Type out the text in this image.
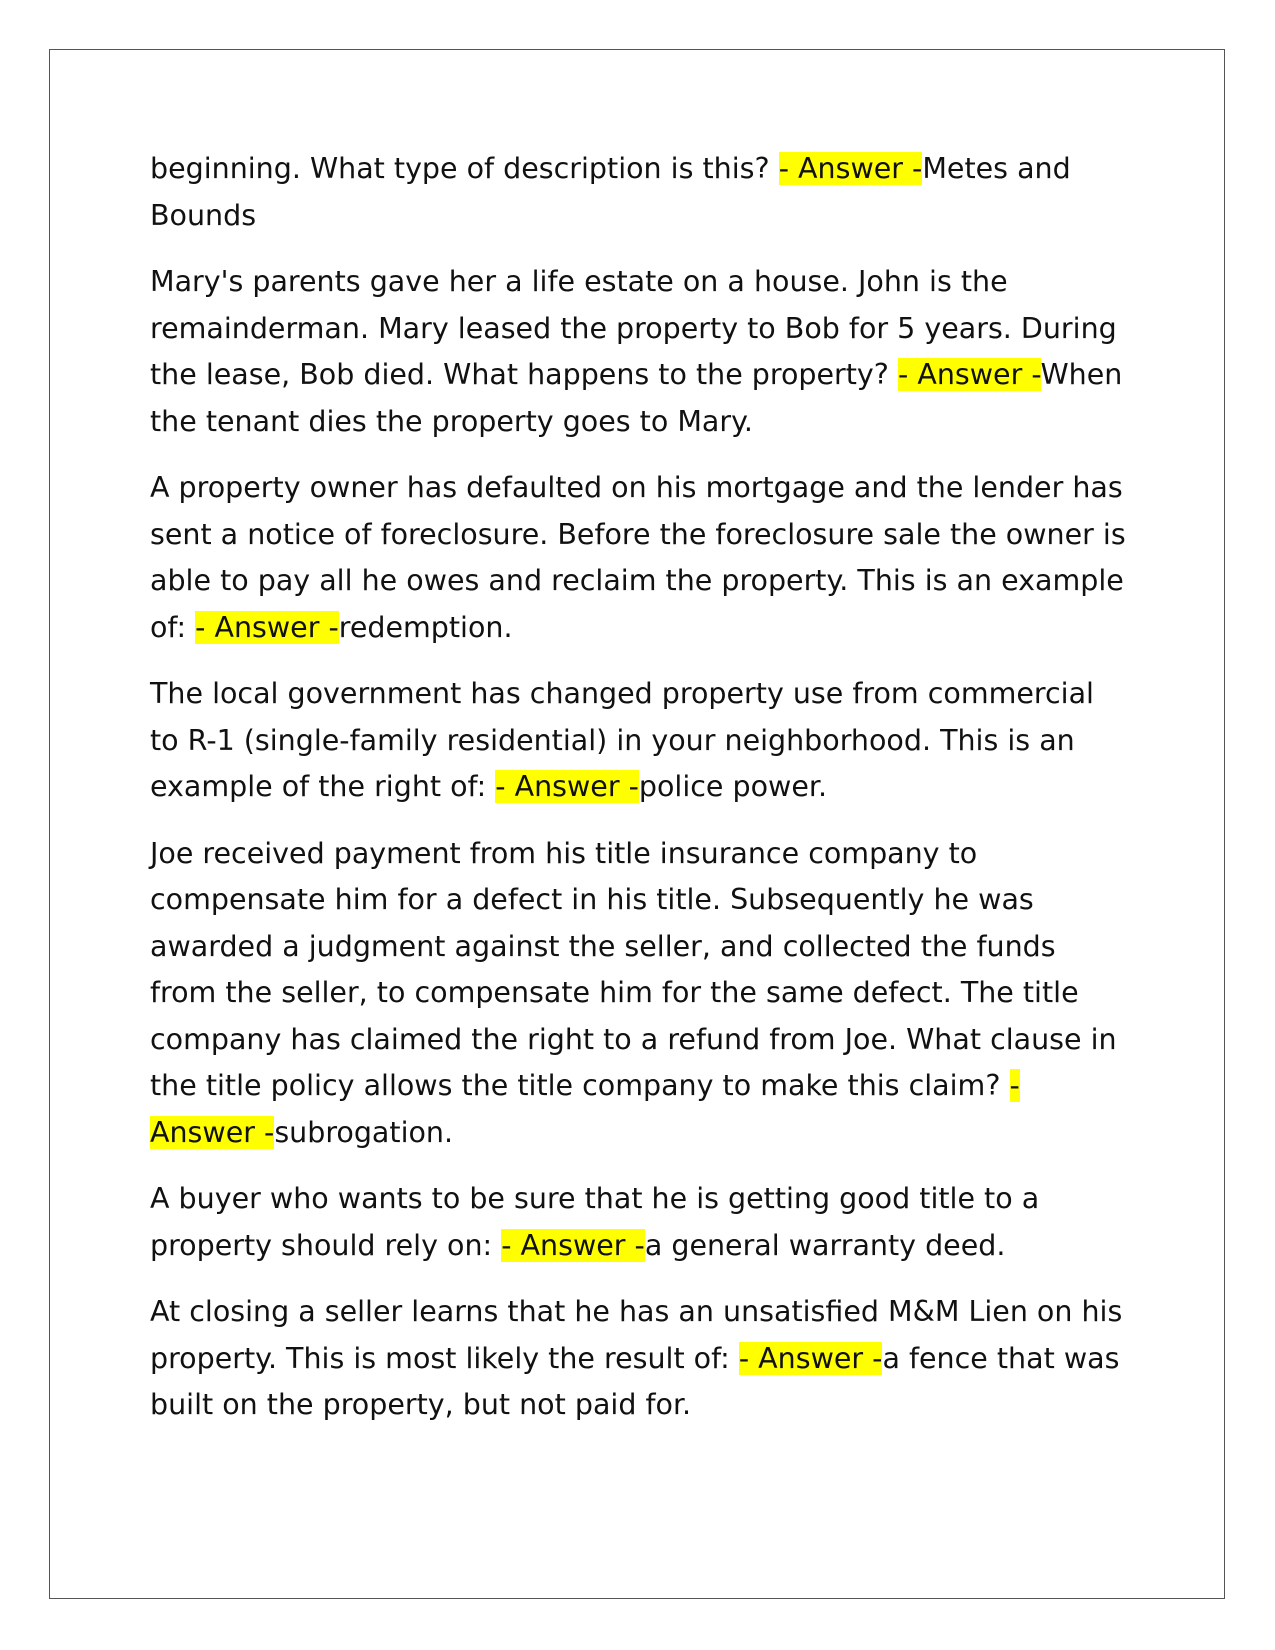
beginning. What type of description is this? - Answer -Metes and Bounds

Mary's parents gave her a life estate on a house. John is the remainderman. Mary leased the property to Bob for 5 years. During the lease, Bob died. What happens to the property? - Answer -When the tenant dies the property goes to Mary.

A property owner has defaulted on his mortgage and the lender has sent a notice of foreclosure. Before the foreclosure sale the owner is able to pay all he owes and reclaim the property. This is an example of: - Answer -redemption.

The local government has changed property use from commercial to R-1 (single-family residential) in your neighborhood. This is an example of the right of: - Answer -police power.

Joe received payment from his title insurance company to compensate him for a defect in his title. Subsequently he was awarded a judgment against the seller, and collected the funds from the seller, to compensate him for the same defect. The title company has claimed the right to a refund from Joe. What clause in the title policy allows the title company to make this claim? - Answer -subrogation.

A buyer who wants to be sure that he is getting good title to a property should rely on: - Answer -a general warranty deed.

At closing a seller learns that he has an unsatisfied M&M Lien on his property. This is most likely the result of: - Answer -a fence that was built on the property, but not paid for.
